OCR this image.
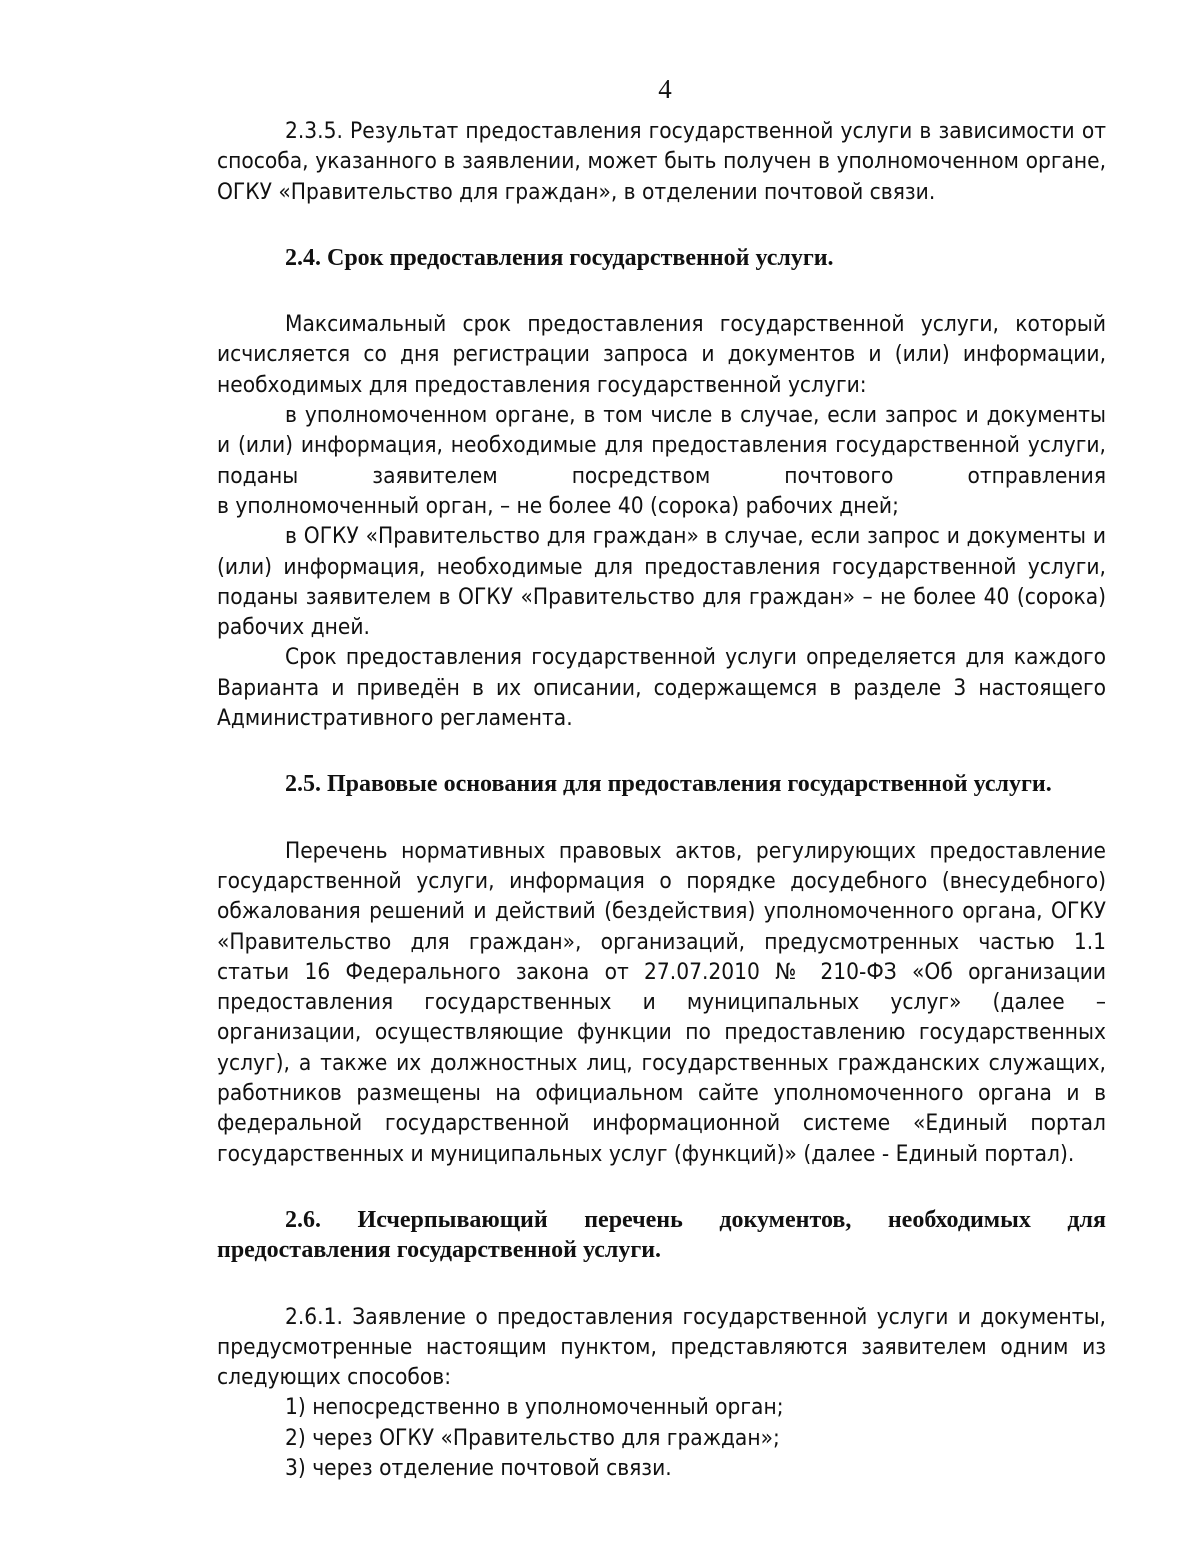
4

2.3.5. Результат предоставления государственной услуги в зависимости от способа, указанного в заявлении, может быть получен в уполномоченном органе, ОГКУ «Правительство для граждан», в отделении почтовой связи.

2.4. Срок предоставления государственной услуги.

Максимальный срок предоставления государственной услуги, который исчисляется со дня регистрации запроса и документов и (или) информации, необходимых для предоставления государственной услуги:

в уполномоченном органе, в том числе в случае, если запрос и документы и (или) информация, необходимые для предоставления государственной услуги, поданы заявителем посредством почтового отправления

в уполномоченный орган, – не более 40 (сорока) рабочих дней;

в ОГКУ «Правительство для граждан» в случае, если запрос и документы и (или) информация, необходимые для предоставления государственной услуги, поданы заявителем в ОГКУ «Правительство для граждан» – не более 40 (сорока) рабочих дней.

Срок предоставления государственной услуги определяется для каждого Варианта и приведён в их описании, содержащемся в разделе 3 настоящего Административного регламента.

2.5. Правовые основания для предоставления государственной услуги.

Перечень нормативных правовых актов, регулирующих предоставление государственной услуги, информация о порядке досудебного (внесудебного) обжалования решений и действий (бездействия) уполномоченного органа, ОГКУ «Правительство для граждан», организаций, предусмотренных частью 1.1 статьи 16 Федерального закона от 27.07.2010 № 210-ФЗ «Об организации предоставления государственных и муниципальных услуг» (далее – организации, осуществляющие функции по предоставлению государственных услуг), а также их должностных лиц, государственных гражданских служащих, работников размещены на официальном сайте уполномоченного органа и в федеральной государственной информационной системе «Единый портал государственных и муниципальных услуг (функций)» (далее - Единый портал).

2.6. Исчерпывающий перечень документов, необходимых для предоставления государственной услуги.

2.6.1. Заявление о предоставления государственной услуги и документы, предусмотренные настоящим пунктом, представляются заявителем одним из следующих способов:

1) непосредственно в уполномоченный орган;

2) через ОГКУ «Правительство для граждан»;

3) через отделение почтовой связи.
